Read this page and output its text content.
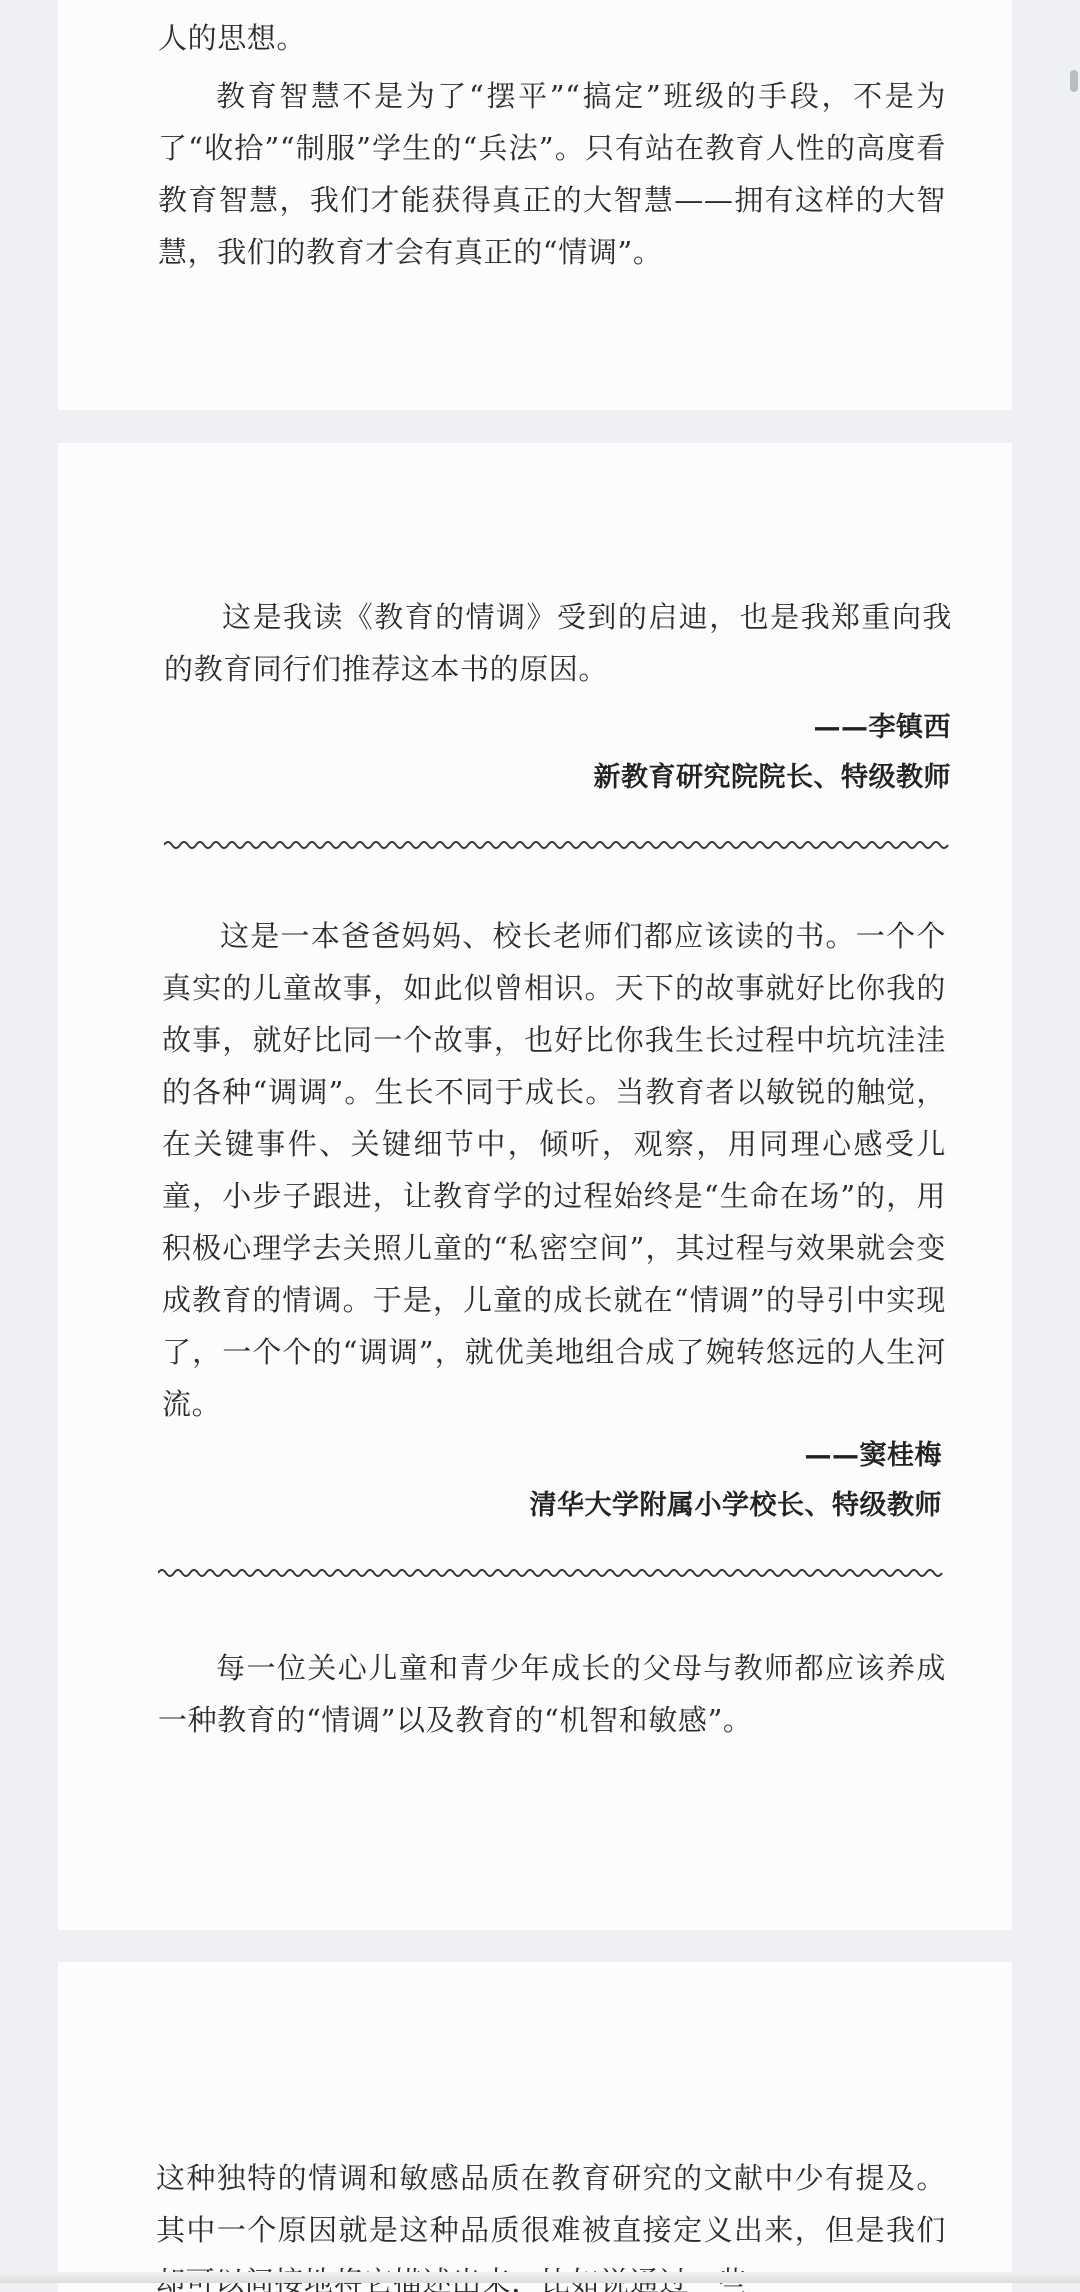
人的思想。

教育智慧不是为了“摆平”“搞定”班级的手段，不是为了“收拾”“制服”学生的“兵法”。只有站在教育人性的高度看教育智慧，我们才能获得真正的大智慧——拥有这样的大智慧，我们的教育才会有真正的“情调”。

这是我读《教育的情调》受到的启迪，也是我郑重向我的教育同行们推荐这本书的原因。

——李镇西

新教育研究院院长、特级教师

这是一本爸爸妈妈、校长老师们都应该读的书。一个个真实的儿童故事，如此似曾相识。天下的故事就好比你我的故事，就好比同一个故事，也好比你我生长过程中坑坑洼洼的各种“调调”。生长不同于成长。当教育者以敏锐的触觉，在关键事件、关键细节中，倾听，观察，用同理心感受儿童，小步子跟进，让教育学的过程始终是“生命在场”的，用积极心理学去关照儿童的“私密空间”，其过程与效果就会变成教育的情调。于是，儿童的成长就在“情调”的导引中实现了，一个个的“调调”，就优美地组合成了婉转悠远的人生河流。

——窦桂梅

清华大学附属小学校长、特级教师

每一位关心儿童和青少年成长的父母与教师都应该养成一种教育的“情调”以及教育的“机智和敏感”。

这种独特的情调和敏感品质在教育研究的文献中少有提及。其中一个原因就是这种品质很难被直接定义出来，但是我们
